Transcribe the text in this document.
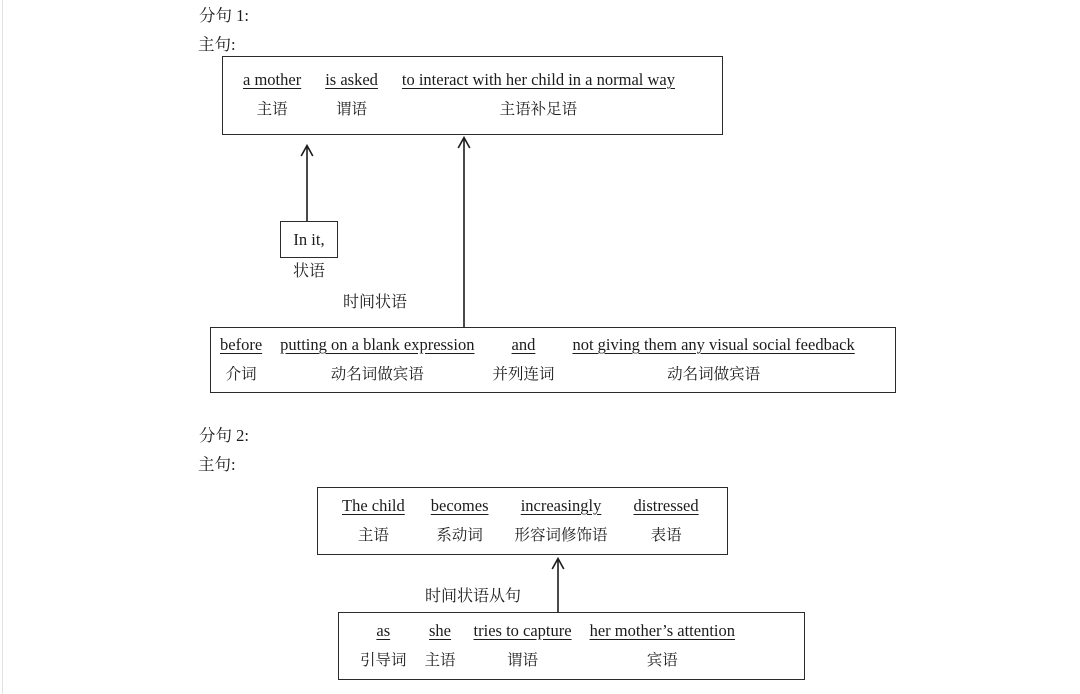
分句 1:
主句:
a mother
主语
is asked
谓语
to interact with her child in a normal way
主语补足语
In it,
状语
时间状语
before
介词
putting on a blank expression
动名词做宾语
and
并列连词
not giving them any visual social feedback
动名词做宾语
分句 2:
主句:
The child
主语
becomes
系动词
increasingly
形容词修饰语
distressed
表语
时间状语从句
as
引导词
she
主语
tries to capture
谓语
her mother’s attention
宾语
